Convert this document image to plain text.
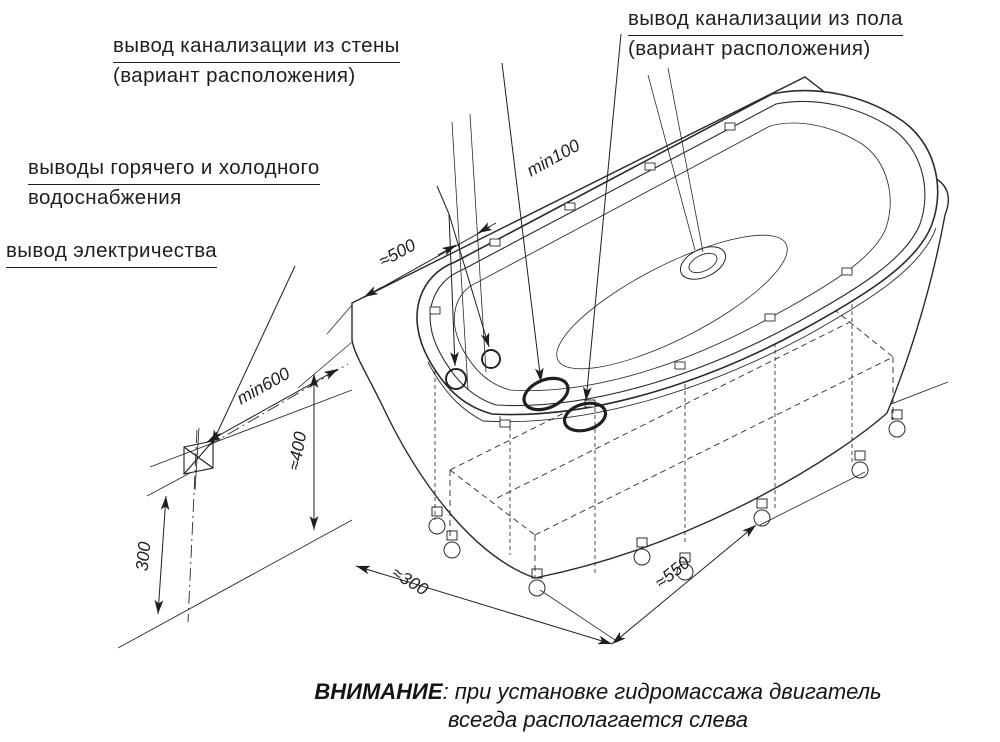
≈500
min100
min600
≈400
300
≈300	≈550
вывод канализации из пола
(вариант расположения)
вывод канализации из стены
(вариант расположения)
выводы горячего и холодного
водоснабжения
вывод электричества
ВНИМАНИЕ: при установке гидромассажа двигатель
всегда располагается слева
